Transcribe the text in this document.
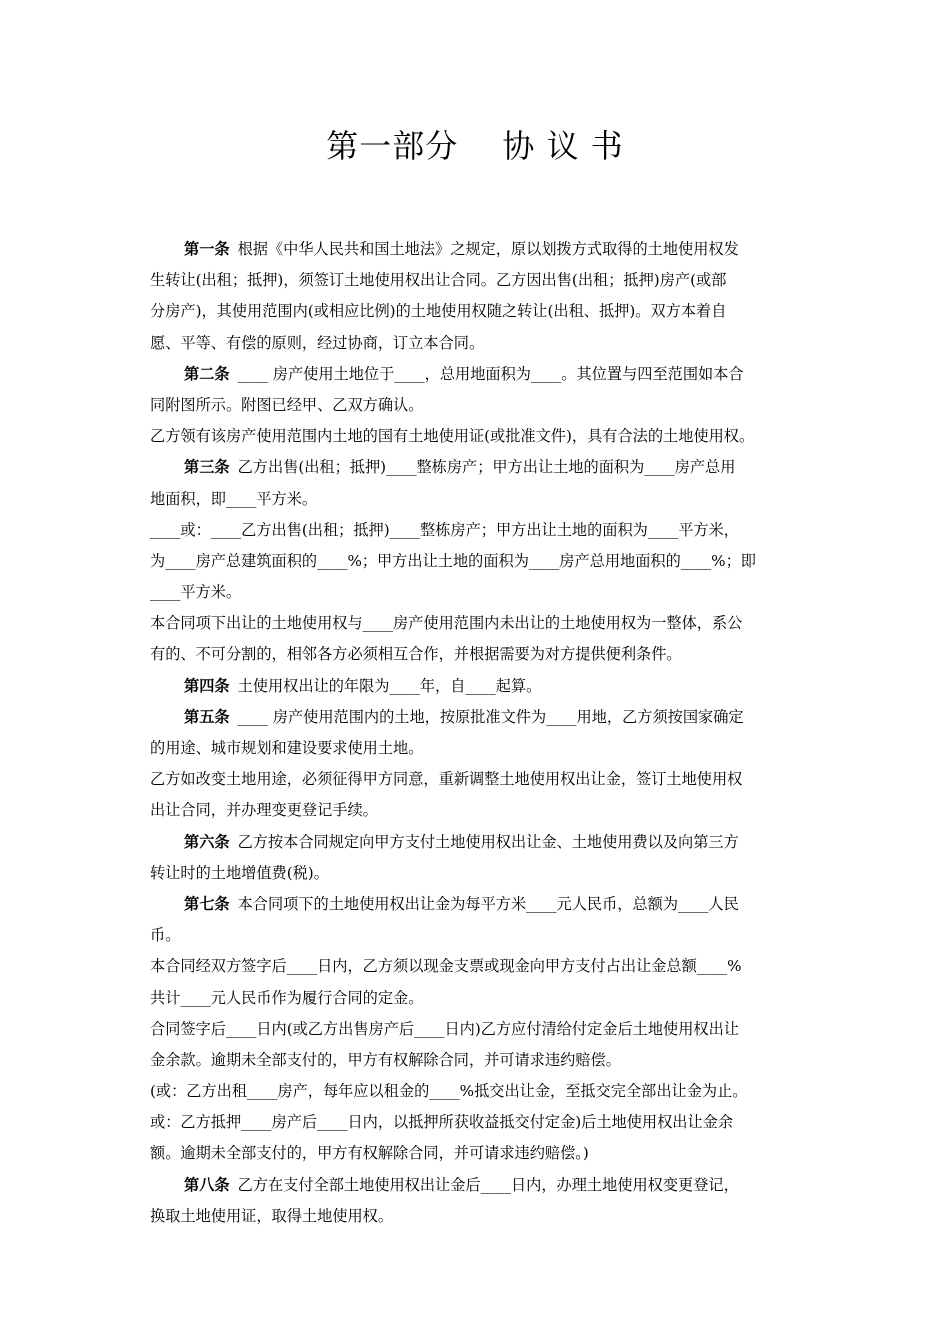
第一部分　 协 议 书
第一条 根据《中华人民共和国土地法》之规定，原以划拨方式取得的土地使用权发
生转让(出租；抵押)，须签订土地使用权出让合同。乙方因出售(出租；抵押)房产(或部
分房产)，其使用范围内(或相应比例)的土地使用权随之转让(出租、抵押)。双方本着自
愿、平等、有偿的原则，经过协商，订立本合同。
第二条 ____ 房产使用土地位于____，总用地面积为____。其位置与四至范围如本合
同附图所示。附图已经甲、乙双方确认。
乙方领有该房产使用范围内土地的国有土地使用证(或批准文件)，具有合法的土地使用权。
第三条 乙方出售(出租；抵押)____整栋房产；甲方出让土地的面积为____房产总用
地面积，即____平方米。
____或：____乙方出售(出租；抵押)____整栋房产；甲方出让土地的面积为____平方米，
为____房产总建筑面积的____%；甲方出让土地的面积为____房产总用地面积的____%；即
____平方米。
本合同项下出让的土地使用权与____房产使用范围内未出让的土地使用权为一整体，系公
有的、不可分割的，相邻各方必须相互合作，并根据需要为对方提供便利条件。
第四条 土使用权出让的年限为____年，自____起算。
第五条 ____ 房产使用范围内的土地，按原批准文件为____用地，乙方须按国家确定
的用途、城市规划和建设要求使用土地。
乙方如改变土地用途，必须征得甲方同意，重新调整土地使用权出让金，签订土地使用权
出让合同，并办理变更登记手续。
第六条 乙方按本合同规定向甲方支付土地使用权出让金、土地使用费以及向第三方
转让时的土地增值费(税)。
第七条 本合同项下的土地使用权出让金为每平方米____元人民币，总额为____人民
币。
本合同经双方签字后____日内，乙方须以现金支票或现金向甲方支付占出让金总额____%
共计____元人民币作为履行合同的定金。
合同签字后____日内(或乙方出售房产后____日内)乙方应付清给付定金后土地使用权出让
金余款。逾期未全部支付的，甲方有权解除合同，并可请求违约赔偿。
(或：乙方出租____房产，每年应以租金的____%抵交出让金，至抵交完全部出让金为止。
或：乙方抵押____房产后____日内，以抵押所获收益抵交付定金)后土地使用权出让金余
额。逾期未全部支付的，甲方有权解除合同，并可请求违约赔偿。)
第八条 乙方在支付全部土地使用权出让金后____日内，办理土地使用权变更登记，
换取土地使用证，取得土地使用权。
